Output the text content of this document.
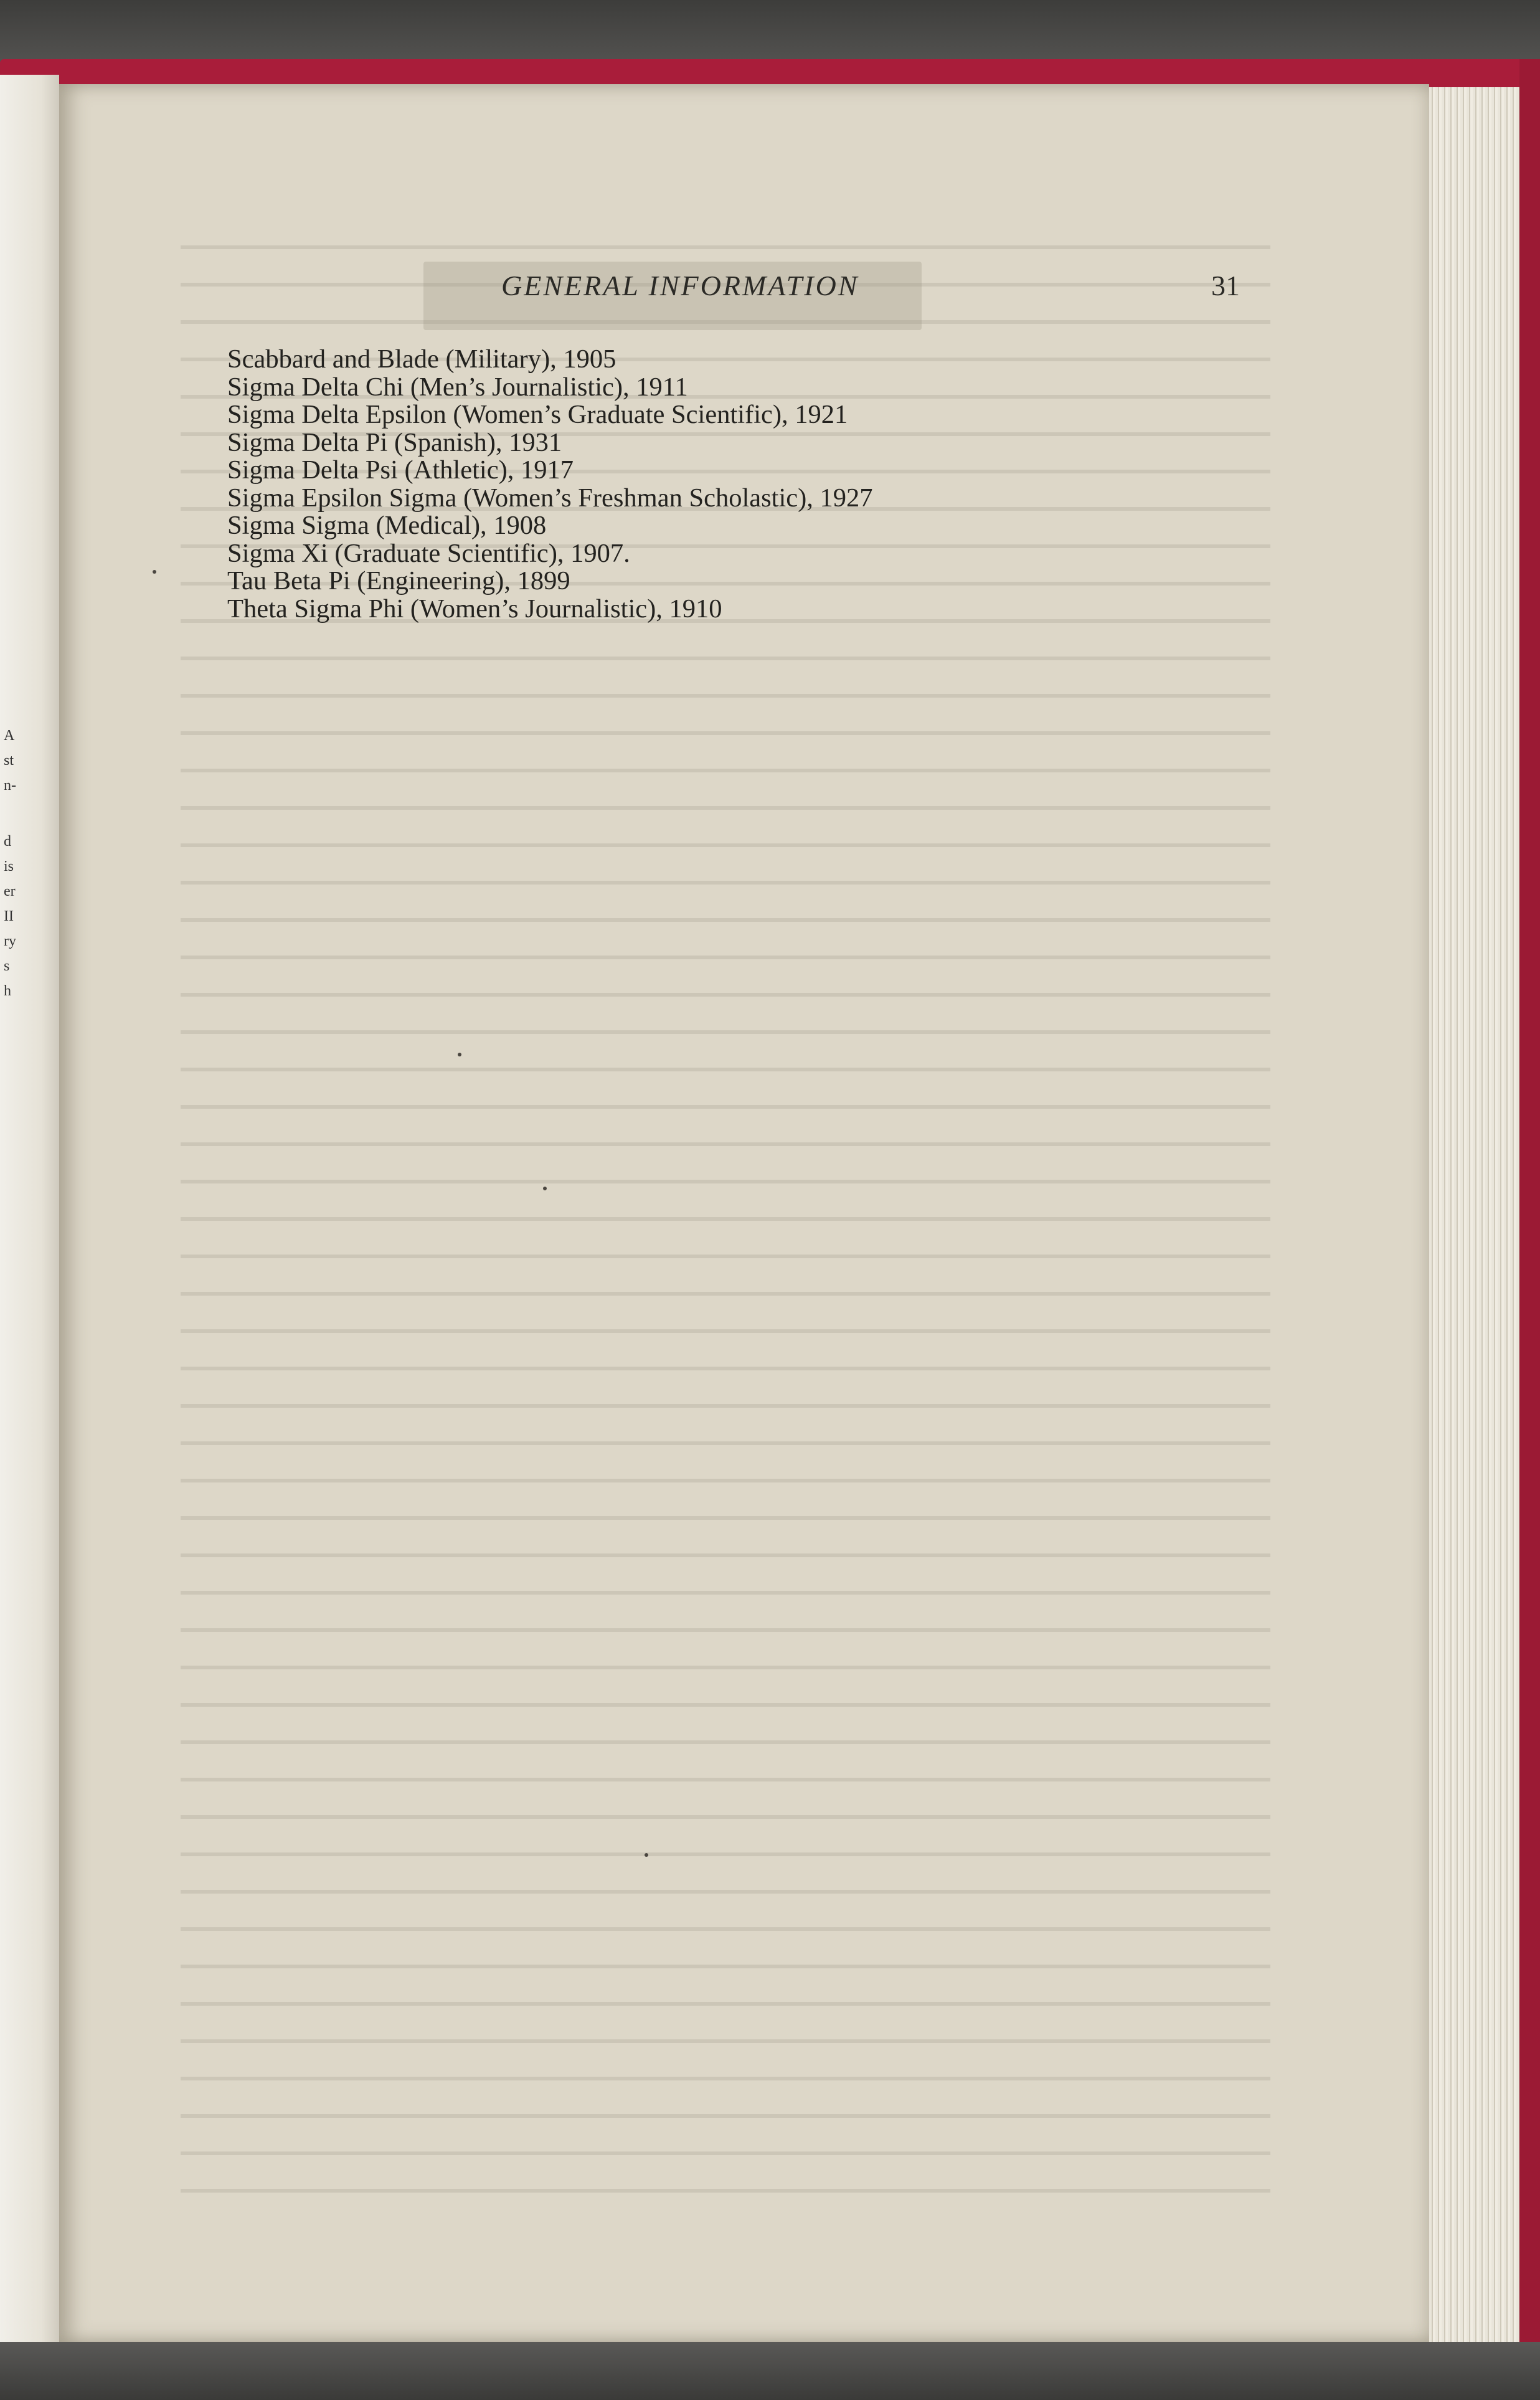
A
st
n-
d
is
er
II
ry
s
h
GENERAL INFORMATION	31
Scabbard and Blade (Military), 1905
Sigma Delta Chi (Men’s Journalistic), 1911
Sigma Delta Epsilon (Women’s Graduate Scientific), 1921
Sigma Delta Pi (Spanish), 1931
Sigma Delta Psi (Athletic), 1917
Sigma Epsilon Sigma (Women’s Freshman Scholastic), 1927
Sigma Sigma (Medical), 1908
Sigma Xi (Graduate Scientific), 1907.
Tau Beta Pi (Engineering), 1899
Theta Sigma Phi (Women’s Journalistic), 1910
